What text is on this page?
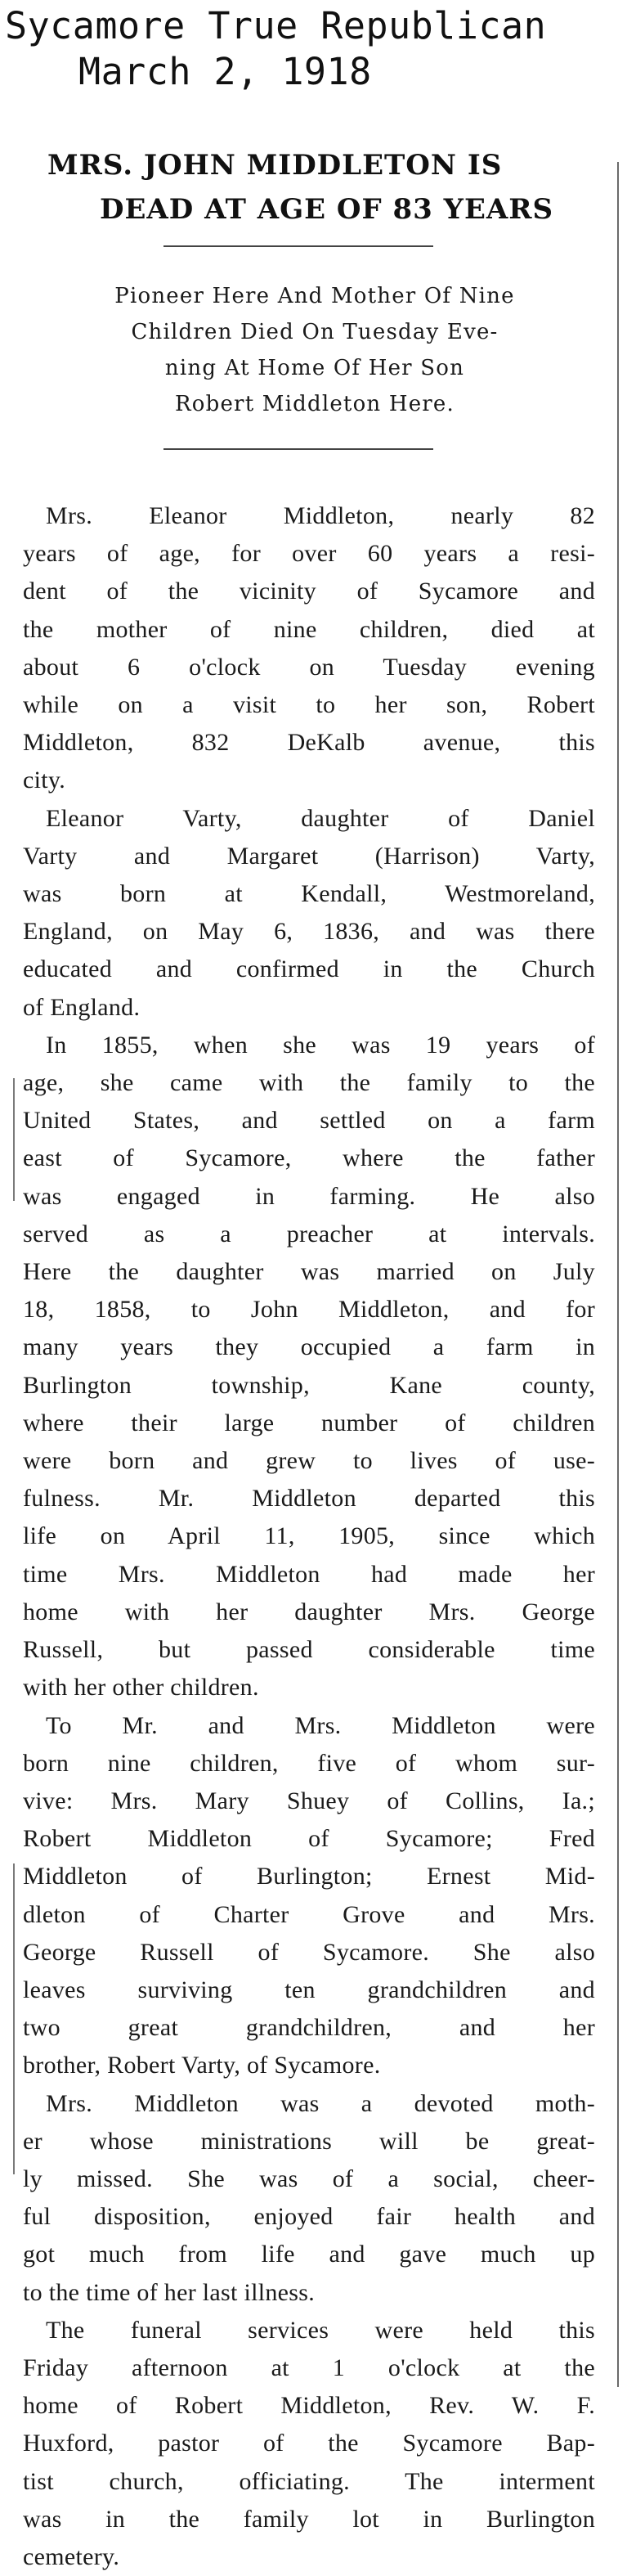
Sycamore True Republican
March 2, 1918
MRS. JOHN MIDDLETON IS
DEAD AT AGE OF 83 YEARS
Pioneer Here And Mother Of Nine
Children Died On Tuesday Eve-
ning At Home Of Her Son
Robert Middleton Here.
Mrs. Eleanor Middleton, nearly 82
years of age, for over 60 years a resi-
dent of the vicinity of Sycamore and
the mother of nine children, died at
about 6 o'clock on Tuesday evening
while on a visit to her son, Robert
Middleton, 832 DeKalb avenue, this
city.
Eleanor Varty, daughter of Daniel
Varty and Margaret (Harrison) Varty,
was born at Kendall, Westmoreland,
England, on May 6, 1836, and was there
educated and confirmed in the Church
of England.
In 1855, when she was 19 years of
age, she came with the family to the
United States, and settled on a farm
east of Sycamore, where the father
was engaged in farming. He also
served as a preacher at intervals.
Here the daughter was married on July
18, 1858, to John Middleton, and for
many years they occupied a farm in
Burlington township, Kane county,
where their large number of children
were born and grew to lives of use-
fulness. Mr. Middleton departed this
life on April 11, 1905, since which
time Mrs. Middleton had made her
home with her daughter Mrs. George
Russell, but passed considerable time
with her other children.
To Mr. and Mrs. Middleton were
born nine children, five of whom sur-
vive: Mrs. Mary Shuey of Collins, Ia.;
Robert Middleton of Sycamore; Fred
Middleton of Burlington; Ernest Mid-
dleton of Charter Grove and Mrs.
George Russell of Sycamore. She also
leaves surviving ten grandchildren and
two great grandchildren, and her
brother, Robert Varty, of Sycamore.
Mrs. Middleton was a devoted moth-
er whose ministrations will be great-
ly missed. She was of a social, cheer-
ful disposition, enjoyed fair health and
got much from life and gave much up
to the time of her last illness.
The funeral services were held this
Friday afternoon at 1 o'clock at the
home of Robert Middleton, Rev. W. F.
Huxford, pastor of the Sycamore Bap-
tist church, officiating. The interment
was in the family lot in Burlington
cemetery.
